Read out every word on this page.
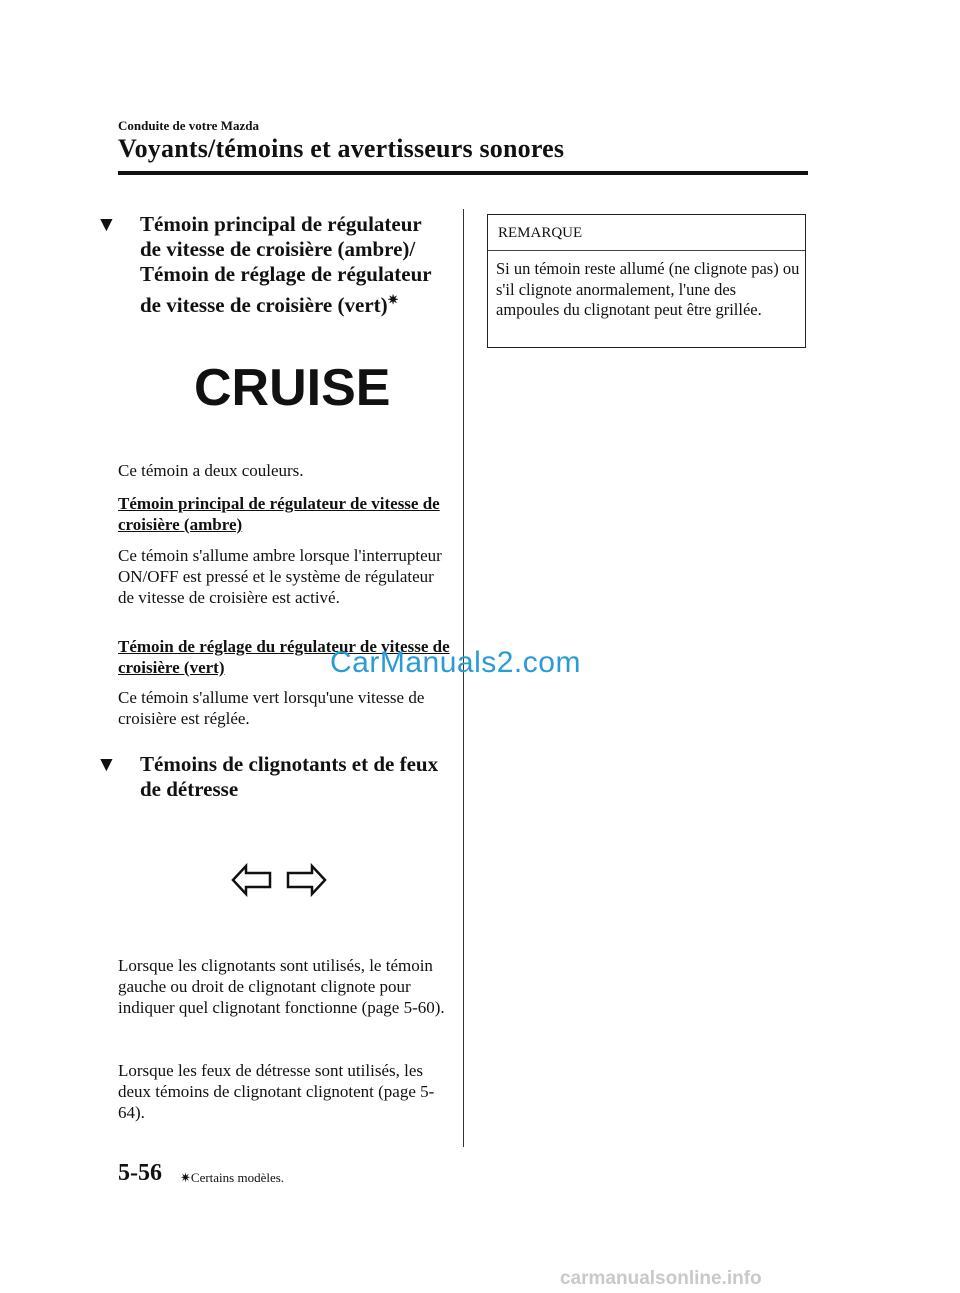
Conduite de votre Mazda
Voyants/témoins et avertisseurs sonores
▼ Témoin principal de régulateur
de vitesse de croisière (ambre)/
Témoin de réglage de régulateur
de vitesse de croisière (vert)✷
CRUISE
Ce témoin a deux couleurs.
Témoin principal de régulateur de vitesse de croisière (ambre)
Ce témoin s'allume ambre lorsque l'interrupteur ON/OFF est pressé et le système de régulateur de vitesse de croisière est activé.
Témoin de réglage du régulateur de vitesse de croisière (vert)
Ce témoin s'allume vert lorsqu'une vitesse de croisière est réglée.
▼ Témoins de clignotants et de feux
de détresse
Lorsque les clignotants sont utilisés, le témoin gauche ou droit de clignotant clignote pour indiquer quel clignotant fonctionne (page 5-60).
Lorsque les feux de détresse sont utilisés, les deux témoins de clignotant clignotent (page 5-64).
REMARQUE
Si un témoin reste allumé (ne clignote pas) ou s'il clignote anormalement, l'une des ampoules du clignotant peut être grillée.
CarManuals2.com
5-56 ✷Certains modèles.
carmanualsonline.info
